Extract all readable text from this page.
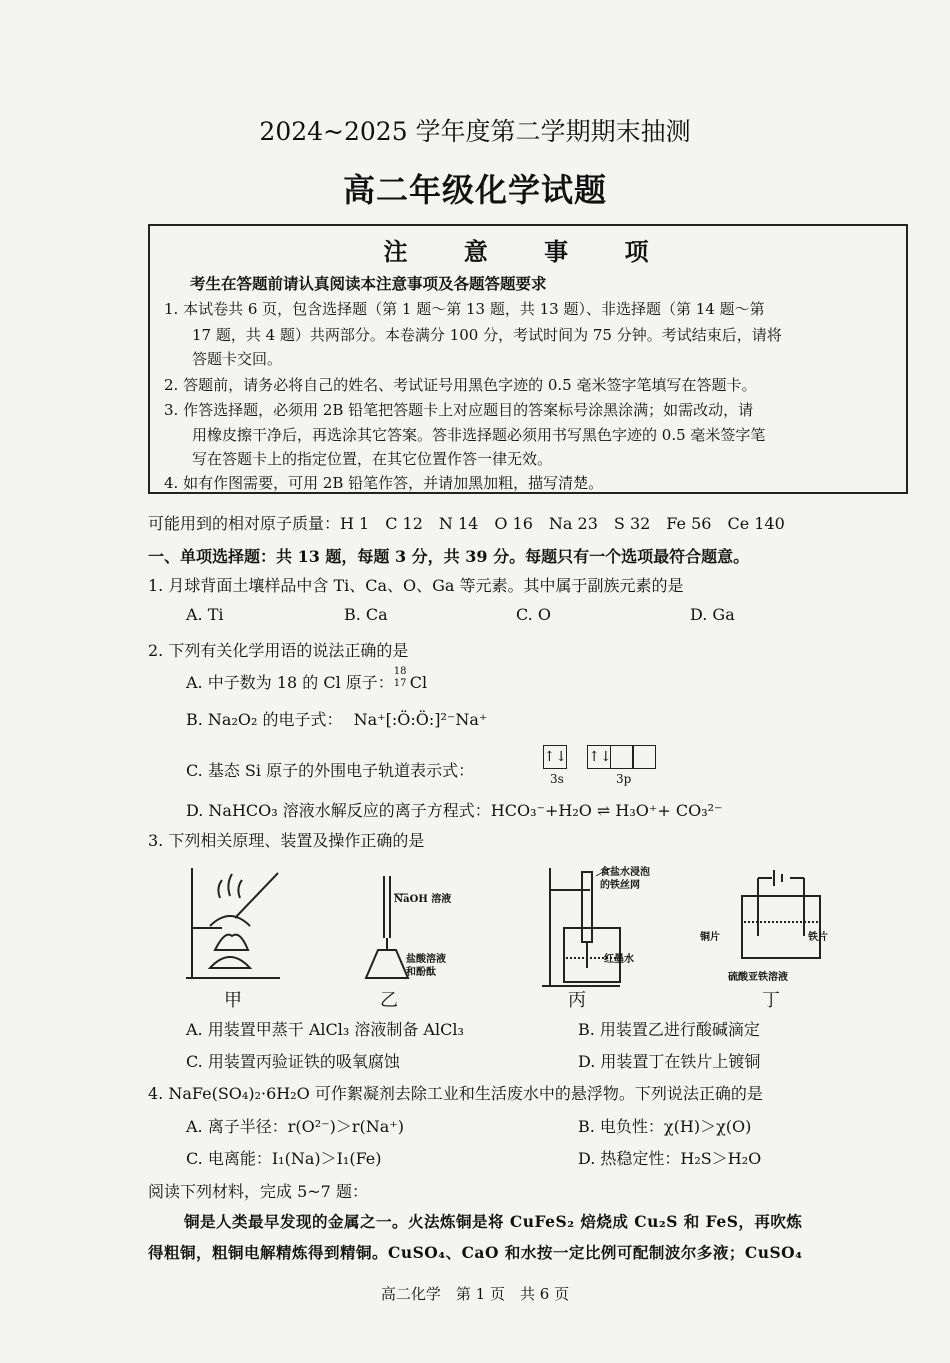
2024~2025 学年度第二学期期末抽测
高二年级化学试题
注 意 事 项
考生在答题前请认真阅读本注意事项及各题答题要求
1. 本试卷共 6 页，包含选择题（第 1 题～第 13 题，共 13 题）、非选择题（第 14 题～第
17 题，共 4 题）共两部分。本卷满分 100 分，考试时间为 75 分钟。考试结束后，请将
答题卡交回。
2. 答题前，请务必将自己的姓名、考试证号用黑色字迹的 0.5 毫米签字笔填写在答题卡。
3. 作答选择题，必须用 2B 铅笔把答题卡上对应题目的答案标号涂黑涂满；如需改动，请
用橡皮擦干净后，再选涂其它答案。答非选择题必须用书写黑色字迹的 0.5 毫米签字笔
写在答题卡上的指定位置，在其它位置作答一律无效。
4. 如有作图需要，可用 2B 铅笔作答，并请加黑加粗，描写清楚。
可能用到的相对原子质量：H 1　C 12　N 14　O 16　Na 23　S 32　Fe 56　Ce 140
一、单项选择题：共 13 题，每题 3 分，共 39 分。每题只有一个选项最符合题意。
1. 月球背面土壤样品中含 Ti、Ca、O、Ga 等元素。其中属于副族元素的是
A. Ti	B. Ca	C. O	D. Ga
2. 下列有关化学用语的说法正确的是
A. 中子数为 18 的 Cl 原子：
18
17 Cl
B. Na₂O₂ 的电子式： Na⁺[:Ö:Ö:]²⁻Na⁺
C. 基态 Si 原子的外围电子轨道表示式：
↑↓ ↑↓
3s	3p
D. NaHCO₃ 溶液水解反应的离子方程式：HCO₃⁻+H₂O ⇌ H₃O⁺+ CO₃²⁻
3. 下列相关原理、装置及操作正确的是
NaOH 溶液
盐酸溶液
和酚酞
食盐水浸泡
的铁丝网
红墨水
铜片	铁片
硫酸亚铁溶液
甲	乙	丙	丁
A. 用装置甲蒸干 AlCl₃ 溶液制备 AlCl₃	B. 用装置乙进行酸碱滴定
C. 用装置丙验证铁的吸氧腐蚀	D. 用装置丁在铁片上镀铜
4. NaFe(SO₄)₂·6H₂O 可作絮凝剂去除工业和生活废水中的悬浮物。下列说法正确的是
A. 离子半径：r(O²⁻)＞r(Na⁺)	B. 电负性：χ(H)＞χ(O)
C. 电离能：I₁(Na)＞I₁(Fe)	D. 热稳定性：H₂S＞H₂O
阅读下列材料，完成 5~7 题：
铜是人类最早发现的金属之一。火法炼铜是将 CuFeS₂ 焙烧成 Cu₂S 和 FeS，再吹炼
得粗铜，粗铜电解精炼得到精铜。CuSO₄、CaO 和水按一定比例可配制波尔多液；CuSO₄
高二化学　第 1 页　共 6 页
